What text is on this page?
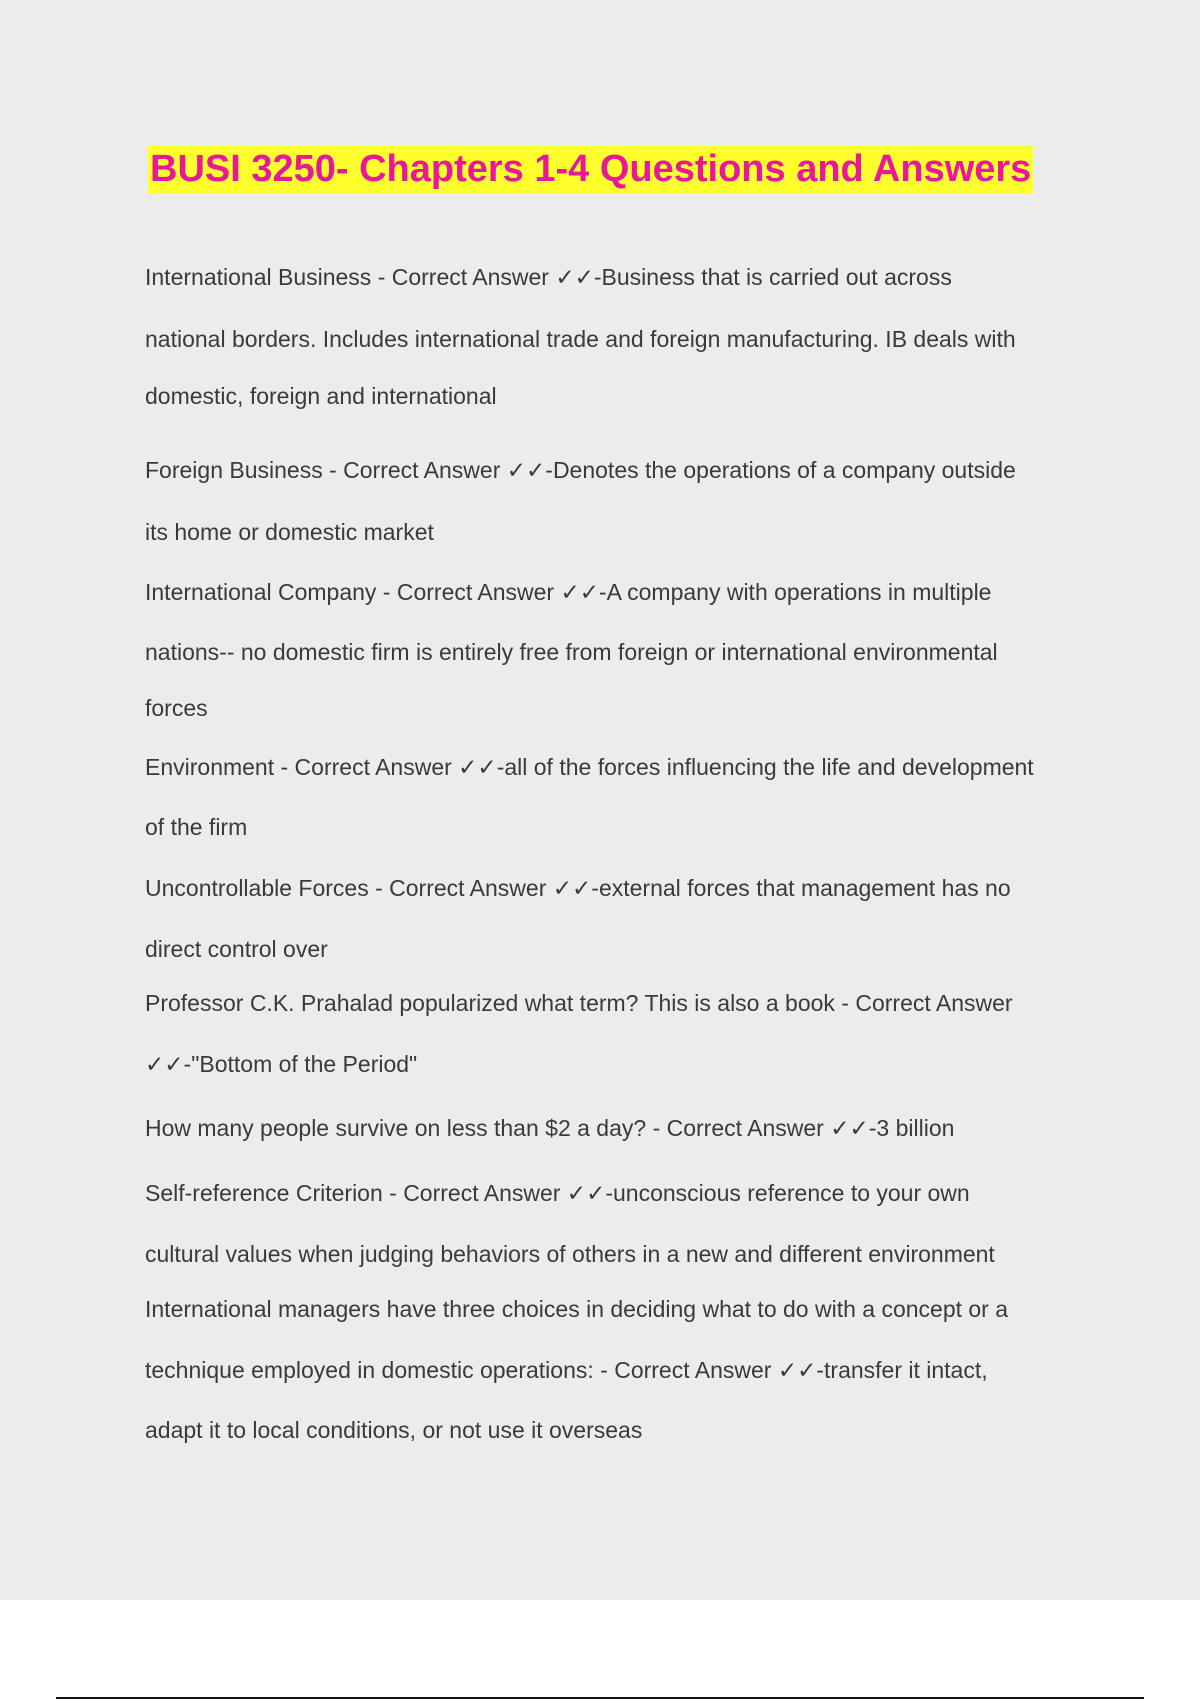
BUSI 3250- Chapters 1-4 Questions and Answers

International Business - Correct Answer ✓✓-Business that is carried out across

national borders. Includes international trade and foreign manufacturing. IB deals with

domestic, foreign and international

Foreign Business - Correct Answer ✓✓-Denotes the operations of a company outside

its home or domestic market

International Company - Correct Answer ✓✓-A company with operations in multiple

nations-- no domestic firm is entirely free from foreign or international environmental

forces

Environment - Correct Answer ✓✓-all of the forces influencing the life and development

of the firm

Uncontrollable Forces - Correct Answer ✓✓-external forces that management has no

direct control over

Professor C.K. Prahalad popularized what term? This is also a book - Correct Answer

✓✓-"Bottom of the Period"

How many people survive on less than $2 a day? - Correct Answer ✓✓-3 billion

Self-reference Criterion - Correct Answer ✓✓-unconscious reference to your own

cultural values when judging behaviors of others in a new and different environment

International managers have three choices in deciding what to do with a concept or a

technique employed in domestic operations: - Correct Answer ✓✓-transfer it intact,

adapt it to local conditions, or not use it overseas
